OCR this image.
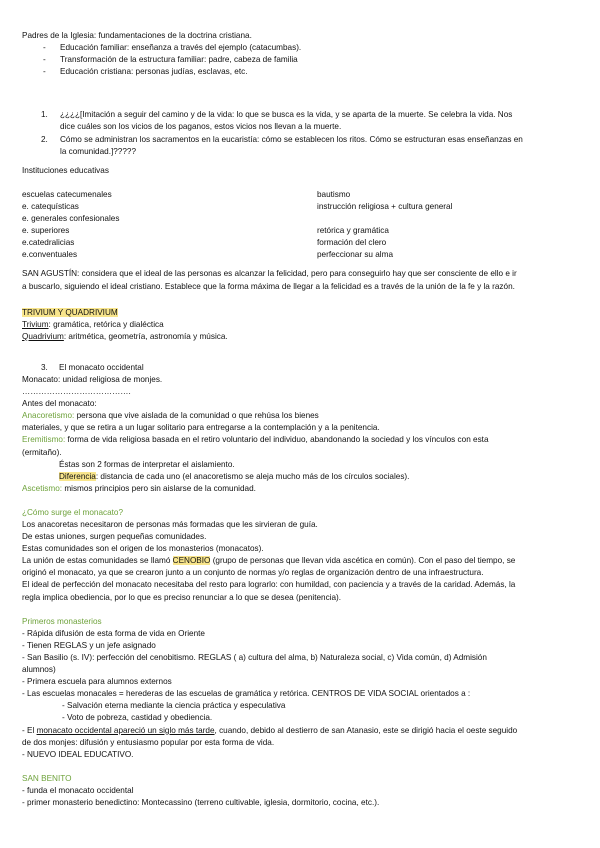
Padres de la Iglesia: fundamentaciones de la doctrina cristiana.

- Educación familiar: enseñanza a través del ejemplo (catacumbas).
- Transformación de la estructura familiar: padre, cabeza de familia
- Educación cristiana: personas judías, esclavas, etc.
1. ¿¿¿¿[Imitación a seguir del camino y de la vida: lo que se busca es la vida, y se aparta de la muerte. Se celebra la vida. Nos
dice cuáles son los vicios de los paganos, estos vicios nos llevan a la muerte.
2. Cómo se administran los sacramentos en la eucaristía: cómo se establecen los ritos. Cómo se estructuran esas enseñanzas en
la comunidad.]?????

Instituciones educativas

escuelas catecumenales

e. catequísticas

e. generales confesionales

e. superiores

e.catedralicias

e.conventuales

bautismo

instrucción religiosa + cultura general

retórica y gramática

formación del clero

perfeccionar su alma

SAN AGUSTÍN: considera que el ideal de las personas es alcanzar la felicidad, pero para conseguirlo hay que ser consciente de ello e ir

a buscarlo, siguiendo el ideal cristiano. Establece que la forma máxima de llegar a la felicidad es a través de la unión de la fe y la razón.

TRIVIUM Y QUADRIVIUM

Trivium: gramática, retórica y dialéctica

Quadrivium: aritmética, geometría, astronomía y música.

3. El monacato occidental

Monacato: unidad religiosa de monjes.

………………………………….

Antes del monacato:

Anacoretismo: persona que vive aislada de la comunidad o que rehúsa los bienes

materiales, y que se retira a un lugar solitario para entregarse a la contemplación y a la penitencia.

Eremitismo: forma de vida religiosa basada en el retiro voluntario del individuo, abandonando la sociedad y los vínculos con esta

(ermitaño).

Éstas son 2 formas de interpretar el aislamiento.

Diferencia: distancia de cada uno (el anacoretismo se aleja mucho más de los círculos sociales).

Ascetismo: mismos principios pero sin aislarse de la comunidad.

¿Cómo surge el monacato?

Los anacoretas necesitaron de personas más formadas que les sirvieran de guía.

De estas uniones, surgen pequeñas comunidades.

Estas comunidades son el origen de los monasterios (monacatos).

La unión de estas comunidades se llamó CENOBIO (grupo de personas que llevan vida ascética en común). Con el paso del tiempo, se

originó el monacato, ya que se crearon junto a un conjunto de normas y/o reglas de organización dentro de una infraestructura.

El ideal de perfección del monacato necesitaba del resto para lograrlo: con humildad, con paciencia y a través de la caridad. Además, la

regla implica obediencia, por lo que es preciso renunciar a lo que se desea (penitencia).

Primeros monasterios

- Rápida difusión de esta forma de vida en Oriente

- Tienen REGLAS y un jefe asignado

- San Basilio (s. IV): perfección del cenobitismo. REGLAS ( a) cultura del alma, b) Naturaleza social, c) Vida común, d) Admisión

alumnos)

- Primera escuela para alumnos externos

- Las escuelas monacales = herederas de las escuelas de gramática y retórica. CENTROS DE VIDA SOCIAL orientados a :

- Salvación eterna mediante la ciencia práctica y especulativa

- Voto de pobreza, castidad y obediencia.

- El monacato occidental apareció un siglo más tarde, cuando, debido al destierro de san Atanasio, este se dirigió hacia el oeste seguido

de dos monjes: difusión y entusiasmo popular por esta forma de vida.

- NUEVO IDEAL EDUCATIVO.

SAN BENITO

- funda el monacato occidental

- primer monasterio benedictino: Montecassino (terreno cultivable, iglesia, dormitorio, cocina, etc.).
